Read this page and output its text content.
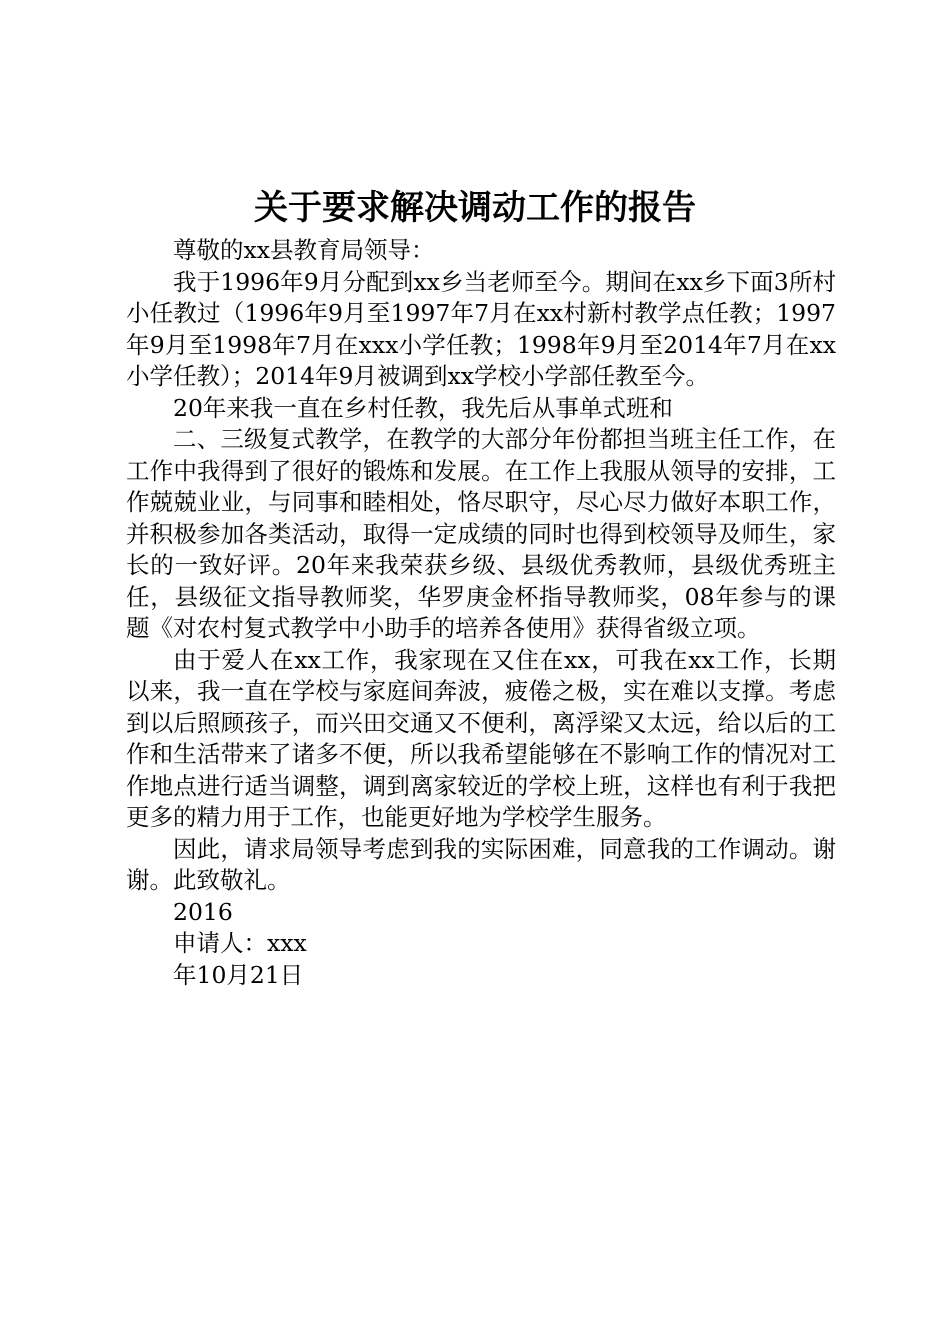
关于要求解决调动工作的报告

尊敬的xx县教育局领导：

我于1996年9月分配到xx乡当老师至今。期间在xx乡下面3所村小任教过（1996年9月至1997年7月在xx村新村教学点任教；1997年9月至1998年7月在xxx小学任教；1998年9月至2014年7月在xx小学任教）；2014年9月被调到xx学校小学部任教至今。

20年来我一直在乡村任教，我先后从事单式班和

二、三级复式教学，在教学的大部分年份都担当班主任工作，在工作中我得到了很好的锻炼和发展。在工作上我服从领导的安排，工作兢兢业业，与同事和睦相处，恪尽职守，尽心尽力做好本职工作，并积极参加各类活动，取得一定成绩的同时也得到校领导及师生，家长的一致好评。20年来我荣获乡级、县级优秀教师，县级优秀班主任，县级征文指导教师奖，华罗庚金杯指导教师奖，08年参与的课题《对农村复式教学中小助手的培养各使用》获得省级立项。

由于爱人在xx工作，我家现在又住在xx，可我在xx工作，长期以来，我一直在学校与家庭间奔波，疲倦之极，实在难以支撑。考虑到以后照顾孩子，而兴田交通又不便利，离浮梁又太远，给以后的工作和生活带来了诸多不便，所以我希望能够在不影响工作的情况对工作地点进行适当调整，调到离家较近的学校上班，这样也有利于我把更多的精力用于工作，也能更好地为学校学生服务。

因此，请求局领导考虑到我的实际困难，同意我的工作调动。谢谢。此致敬礼。

2016

申请人：xxx

年10月21日
